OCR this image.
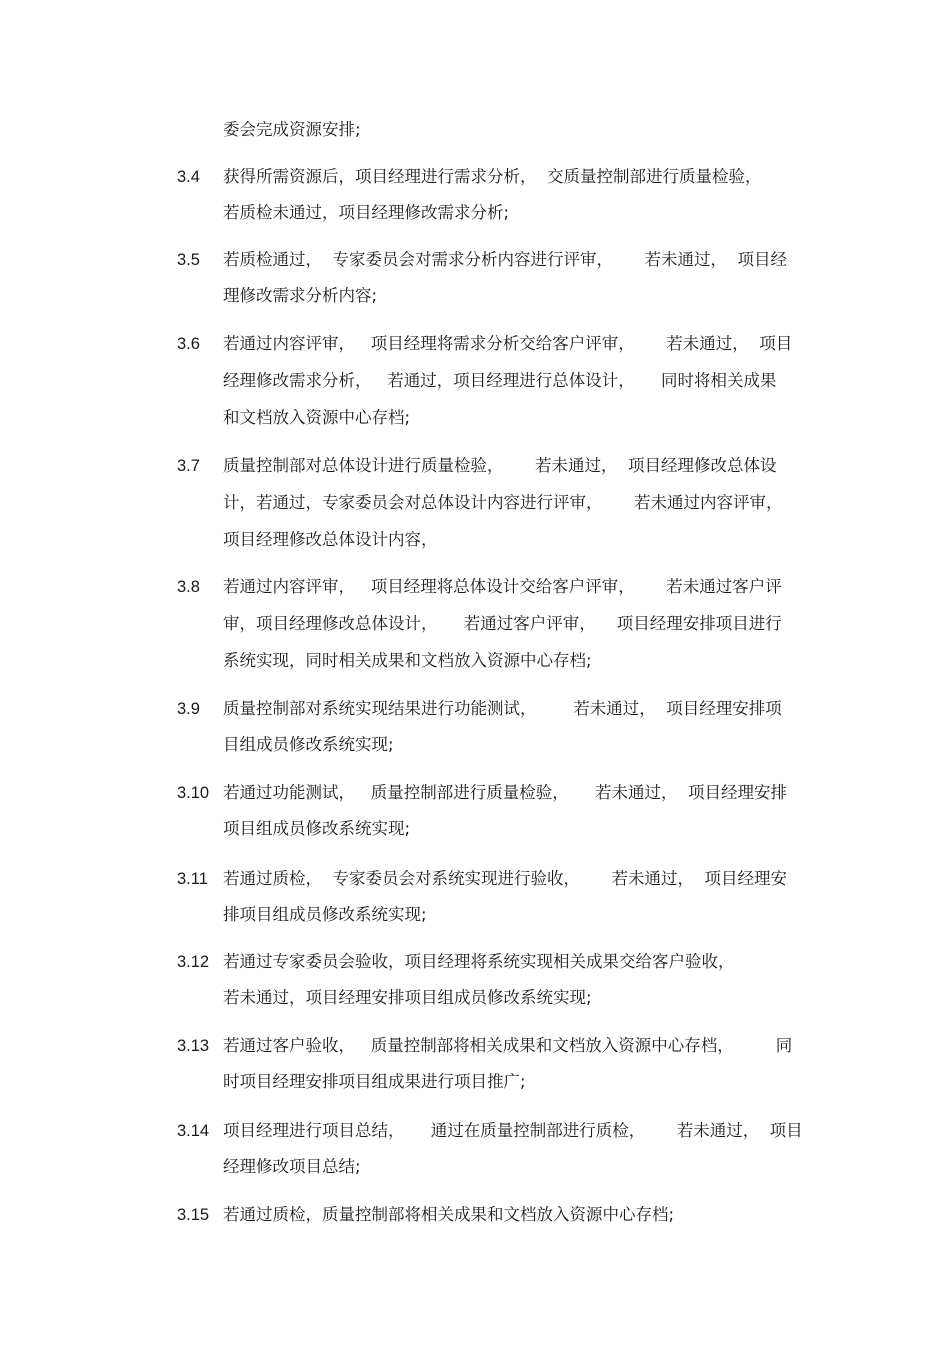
委会完成资源安排;
3.4 获得所需资源后，项目经理进行需求分析，  交质量控制部进行质量检验，
若质检未通过，项目经理修改需求分析;
3.5 若质检通过，  专家委员会对需求分析内容进行评审，      若未通过，  项目经
理修改需求分析内容;
3.6 若通过内容评审，   项目经理将需求分析交给客户评审，      若未通过，  项目
经理修改需求分析，   若通过，项目经理进行总体设计，     同时将相关成果
和文档放入资源中心存档;
3.7 质量控制部对总体设计进行质量检验，      若未通过，  项目经理修改总体设
计，若通过，专家委员会对总体设计内容进行评审，      若未通过内容评审，
项目经理修改总体设计内容，
3.8 若通过内容评审，   项目经理将总体设计交给客户评审，      若未通过客户评
审，项目经理修改总体设计，     若通过客户评审，    项目经理安排项目进行
系统实现，同时相关成果和文档放入资源中心存档;
3.9 质量控制部对系统实现结果进行功能测试，       若未通过，  项目经理安排项
目组成员修改系统实现;
3.10 若通过功能测试，   质量控制部进行质量检验，     若未通过，  项目经理安排
项目组成员修改系统实现;
3.11 若通过质检，  专家委员会对系统实现进行验收，      若未通过，  项目经理安
排项目组成员修改系统实现;
3.12 若通过专家委员会验收，项目经理将系统实现相关成果交给客户验收，
若未通过，项目经理安排项目组成员修改系统实现;
3.13 若通过客户验收，   质量控制部将相关成果和文档放入资源中心存档，        同
时项目经理安排项目组成果进行项目推广;
3.14 项目经理进行项目总结，     通过在质量控制部进行质检，      若未通过，  项目
经理修改项目总结;
3.15 若通过质检，质量控制部将相关成果和文档放入资源中心存档;
